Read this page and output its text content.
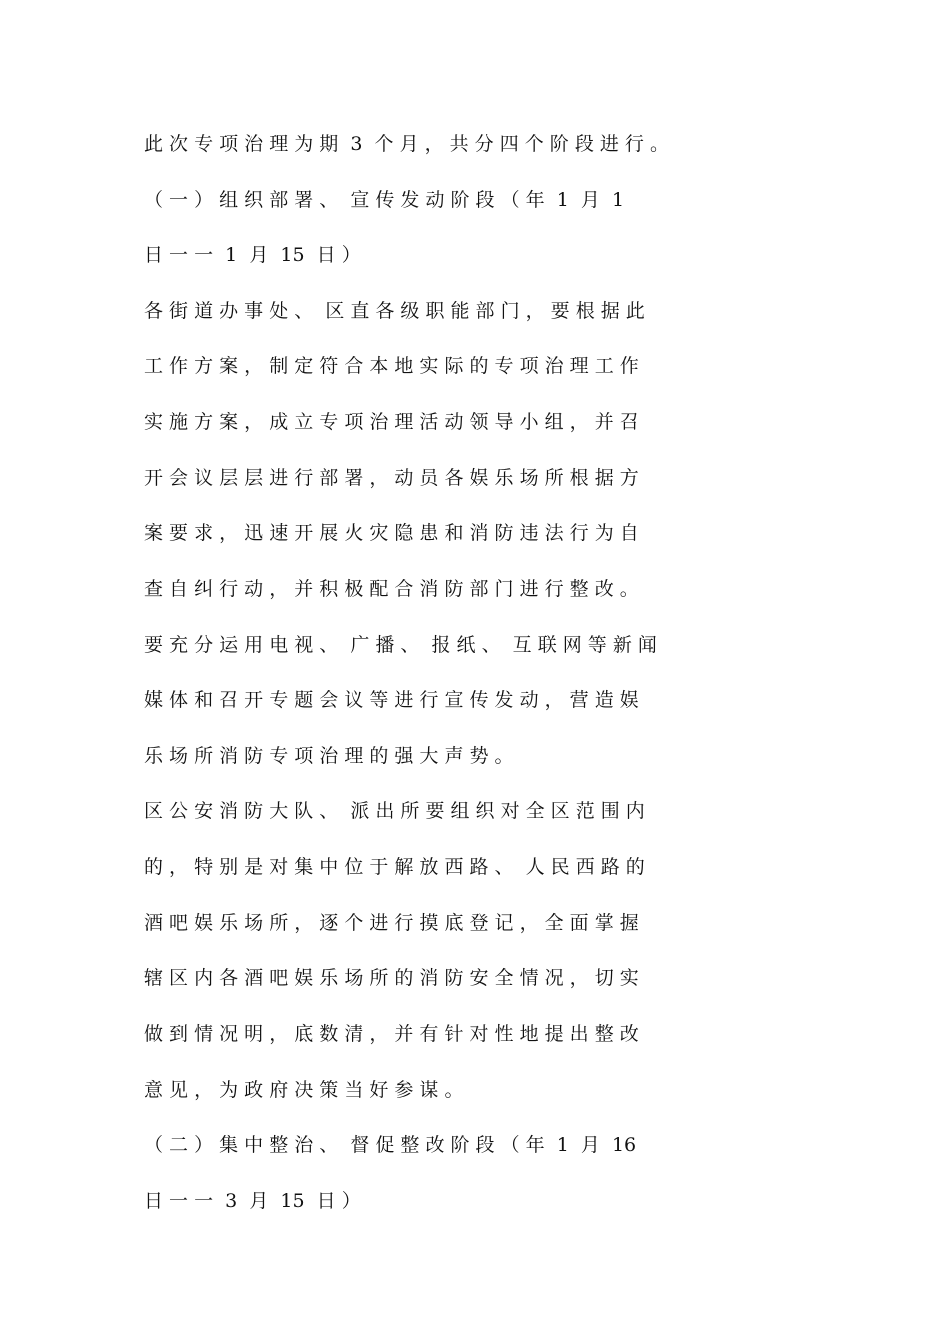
此 次 专 项 治 理 为 期  3  个 月 ， 共 分 四 个 阶 段 进 行 。
（ 一 ） 组 织 部 署 、  宣 传 发 动 阶 段 （ 年  1  月  1
日 一 一  1  月  15  日 ）
各 街 道 办 事 处 、  区 直 各 级 职 能 部 门 ， 要 根 据 此
工 作 方 案 ， 制 定 符 合 本 地 实 际 的 专 项 治 理 工 作
实 施 方 案 ， 成 立 专 项 治 理 活 动 领 导 小 组 ， 并 召
开 会 议 层 层 进 行 部 署 ， 动 员 各 娱 乐 场 所 根 据 方
案 要 求 ， 迅 速 开 展 火 灾 隐 患 和 消 防 违 法 行 为 自
查 自 纠 行 动 ， 并 积 极 配 合 消 防 部 门 进 行 整 改 。
要 充 分 运 用 电 视 、  广 播 、  报 纸 、  互 联 网 等 新 闻
媒 体 和 召 开 专 题 会 议 等 进 行 宣 传 发 动 ， 营 造 娱
乐 场 所 消 防 专 项 治 理 的 强 大 声 势 。
区 公 安 消 防 大 队 、  派 出 所 要 组 织 对 全 区 范 围 内
的 ， 特 别 是 对 集 中 位 于 解 放 西 路 、  人 民 西 路 的
酒 吧 娱 乐 场 所 ， 逐 个 进 行 摸 底 登 记 ， 全 面 掌 握
辖 区 内 各 酒 吧 娱 乐 场 所 的 消 防 安 全 情 况 ， 切 实
做 到 情 况 明 ， 底 数 清 ， 并 有 针 对 性 地 提 出 整 改
意 见 ， 为 政 府 决 策 当 好 参 谋 。
（ 二 ） 集 中 整 治 、  督 促 整 改 阶 段 （ 年  1  月  16
日 一 一  3  月  15  日 ）
